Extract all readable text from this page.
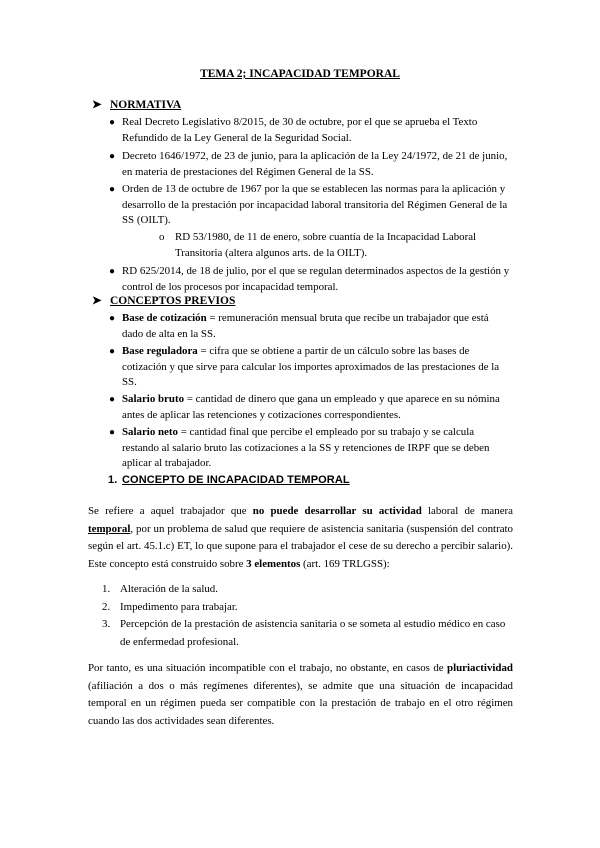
TEMA 2; INCAPACIDAD TEMPORAL
➤ NORMATIVA
● Real Decreto Legislativo 8/2015, de 30 de octubre, por el que se aprueba el Texto Refundido de la Ley General de la Seguridad Social.
● Decreto 1646/1972, de 23 de junio, para la aplicación de la Ley 24/1972, de 21 de junio, en materia de prestaciones del Régimen General de la SS.
● Orden de 13 de octubre de 1967 por la que se establecen las normas para la aplicación y desarrollo de la prestación por incapacidad laboral transitoria del Régimen General de la SS (OILT).
o RD 53/1980, de 11 de enero, sobre cuantía de la Incapacidad Laboral Transitoria (altera algunos arts. de la OILT).
● RD 625/2014, de 18 de julio, por el que se regulan determinados aspectos de la gestión y control de los procesos por incapacidad temporal.
➤ CONCEPTOS PREVIOS
● Base de cotización = remuneración mensual bruta que recibe un trabajador que está dado de alta en la SS.
● Base reguladora = cifra que se obtiene a partir de un cálculo sobre las bases de cotización y que sirve para calcular los importes aproximados de las prestaciones de la SS.
● Salario bruto = cantidad de dinero que gana un empleado y que aparece en su nómina antes de aplicar las retenciones y cotizaciones correspondientes.
● Salario neto = cantidad final que percibe el empleado por su trabajo y se calcula restando al salario bruto las cotizaciones a la SS y retenciones de IRPF que se deben aplicar al trabajador.
1. CONCEPTO DE INCAPACIDAD TEMPORAL
Se refiere a aquel trabajador que no puede desarrollar su actividad laboral de manera temporal, por un problema de salud que requiere de asistencia sanitaria (suspensión del contrato según el art. 45.1.c) ET, lo que supone para el trabajador el cese de su derecho a percibir salario). Este concepto está construido sobre 3 elementos (art. 169 TRLGSS):
1. Alteración de la salud.
2. Impedimento para trabajar.
3. Percepción de la prestación de asistencia sanitaria o se someta al estudio médico en caso de enfermedad profesional.
Por tanto, es una situación incompatible con el trabajo, no obstante, en casos de pluriactividad (afiliación a dos o más regímenes diferentes), se admite que una situación de incapacidad temporal en un régimen pueda ser compatible con la prestación de trabajo en el otro régimen cuando las dos actividades sean diferentes.
